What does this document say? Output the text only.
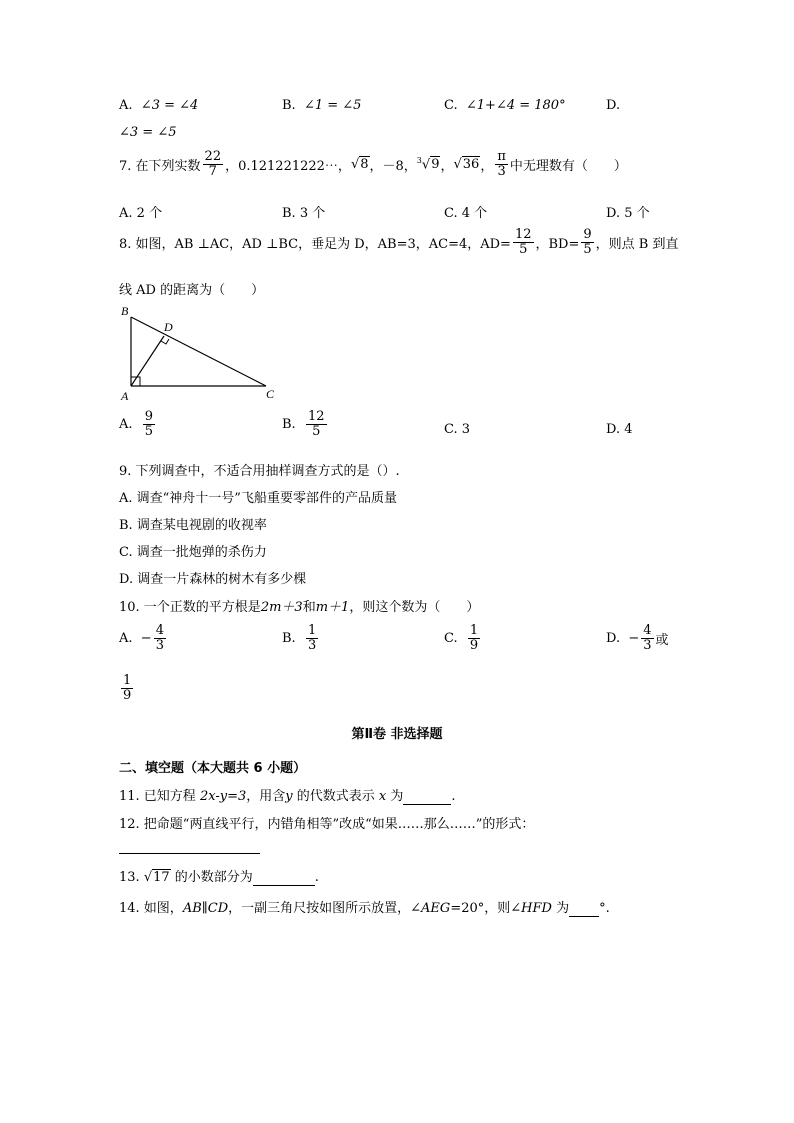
A. ∠3 = ∠4	B. ∠1 = ∠5	C. ∠1+∠4 = 180°	D.
∠3 = ∠5
7. 在下列实数 $\frac{22}{7}$ ，0.121221222⋯， √8 ，－8， $^3$√9 ， √36 ， $\frac{\pi}{3}$ 中无理数有（　　）
A. 2 个	B. 3 个	C. 4 个	D. 5 个
8. 如图，AB ⊥AC，AD ⊥BC，垂足为 D，AB=3，AC=4，$AD= \frac{12}{5}$ ，$BD= \frac{9}{5}$ ，则点 B 到直
线 AD 的距离为（　　）
B
D
A	C
A.
$\frac{9}{5}$	B.
$\frac{12}{5}$	C. 3	D. 4
9. 下列调查中，不适合用抽样调查方式的是（）.
A. 调查“神舟十一号”飞船重要零部件的产品质量
B. 调查某电视剧的收视率
C. 调查一批炮弹的杀伤力
D. 调查一片森林的树木有多少棵
10. 一个正数的平方根是2m＋3和m＋1，则这个数为（　　）
A.
− $\frac{4}{3}$	B.
$\frac{1}{3}$	C.
$\frac{1}{9}$	D.
− $\frac{4}{3}$ 或
$\frac{1}{9}$
第Ⅱ卷 非选择题
二、填空题（本大题共 6 小题）
11. 已知方程 2x-y=3，用含y 的代数式表示 x 为	.
12. 把命题“两直线平行，内错角相等”改成“如果……那么……”的形式：
13. √17 的小数部分为	.
14. 如图，AB∥CD，一副三角尺按如图所示放置，∠AEG=20°，则∠HFD 为 °.
